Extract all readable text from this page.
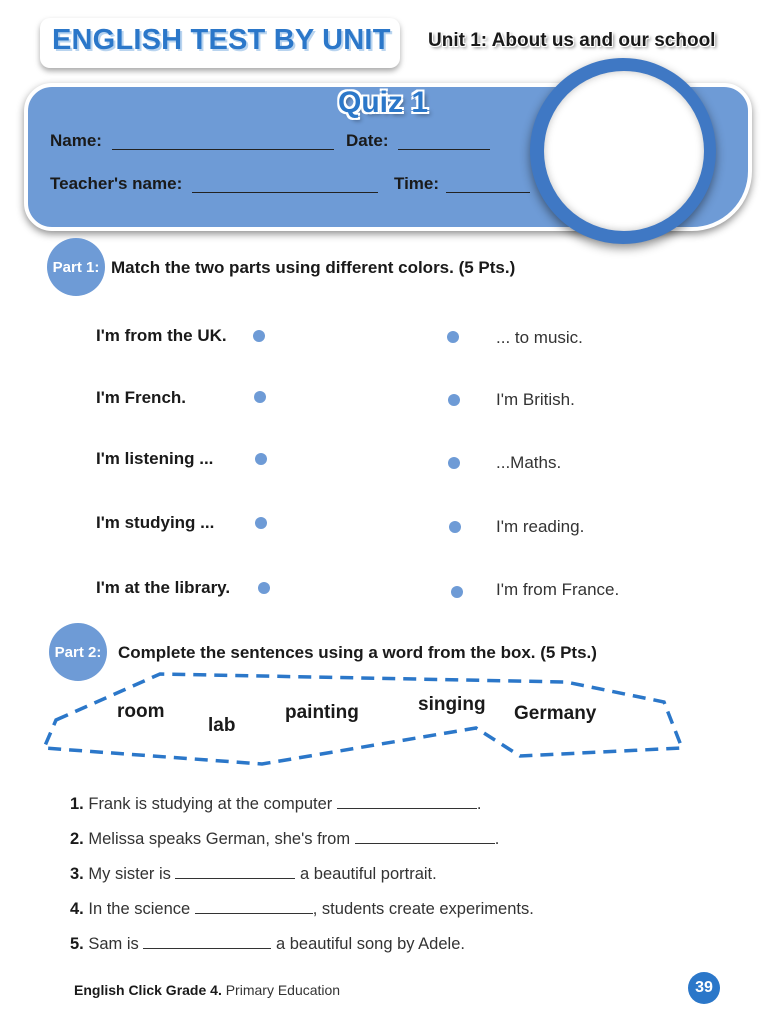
ENGLISH TEST BY UNIT Unit 1: About us and our school
Quiz 1
Name:	Date:
Teacher's name:	Time:
Part 1: Match the two parts using different colors. (5 Pts.)
I'm from the UK.
I'm French.
I'm listening ...
I'm studying ...
I'm at the library.
... to music.
I'm British.
...Maths.
I'm reading.
I'm from France.
Part 2: Complete the sentences using a word from the box. (5 Pts.)
room
lab
painting	singing Germany
1. Frank is studying at the computer	.
2. Melissa speaks German, she's from	.
3. My sister is	a beautiful portrait.
4. In the science	, students create experiments.
5. Sam is	a beautiful song by Adele.
English Click Grade 4. Primary Education	39
